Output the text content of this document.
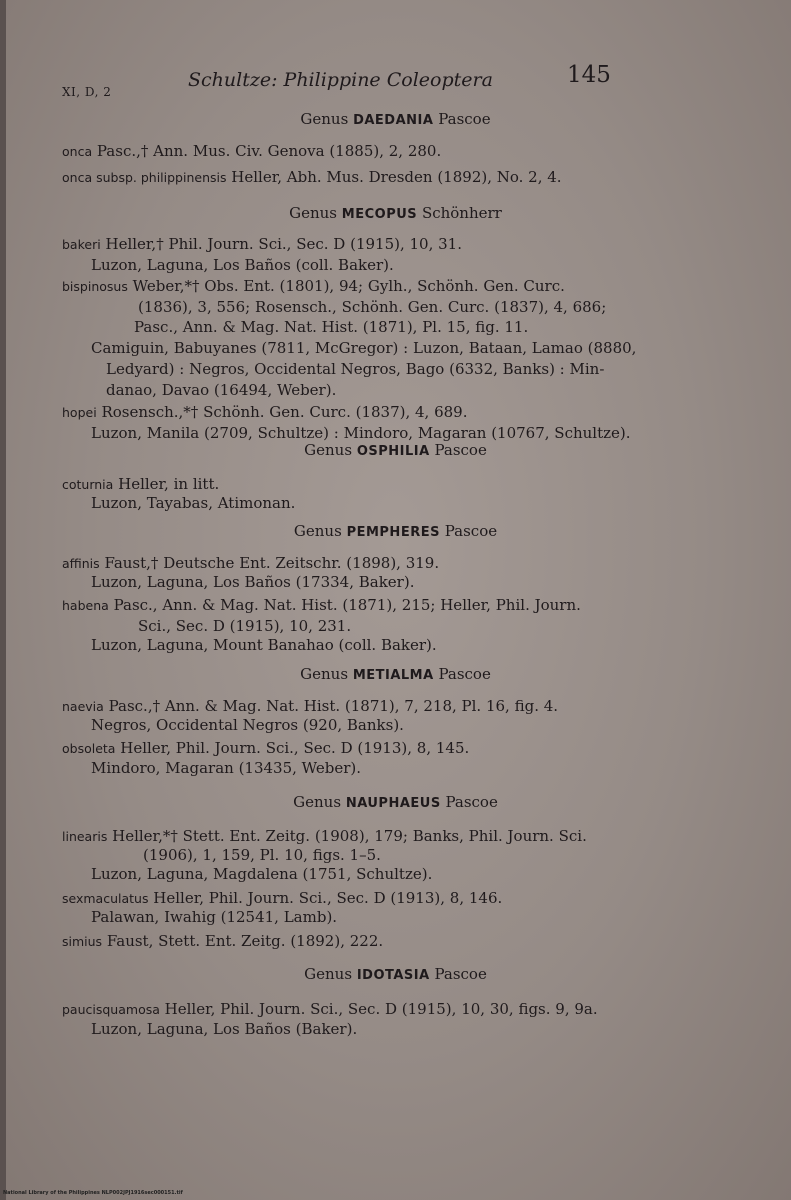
XI, D, 2
Schultze: Philippine Coleoptera	145
Genus DAEDANIA Pascoe
onca Pasc.,† Ann. Mus. Civ. Genova (1885), 2, 280.
onca subsp. philippinensis Heller, Abh. Mus. Dresden (1892), No. 2, 4.
Genus MECOPUS Schönherr
bakeri Heller,† Phil. Journ. Sci., Sec. D (1915), 10, 31.
Luzon, Laguna, Los Baños (coll. Baker).
bispinosus Weber,*† Obs. Ent. (1801), 94; Gylh., Schönh. Gen. Curc.
(1836), 3, 556; Rosensch., Schönh. Gen. Curc. (1837), 4, 686;
Pasc., Ann. & Mag. Nat. Hist. (1871), Pl. 15, fig. 11.
Camiguin, Babuyanes (7811, McGregor) : Luzon, Bataan, Lamao (8880,
Ledyard) : Negros, Occidental Negros, Bago (6332, Banks) : Min-
danao, Davao (16494, Weber).
hopei Rosensch.,*† Schönh. Gen. Curc. (1837), 4, 689.
Luzon, Manila (2709, Schultze) : Mindoro, Magaran (10767, Schultze).
Genus OSPHILIA Pascoe
coturnia Heller, in litt.
Luzon, Tayabas, Atimonan.
Genus PEMPHERES Pascoe
affinis Faust,† Deutsche Ent. Zeitschr. (1898), 319.
Luzon, Laguna, Los Baños (17334, Baker).
habena Pasc., Ann. & Mag. Nat. Hist. (1871), 215; Heller, Phil. Journ.
Sci., Sec. D (1915), 10, 231.
Luzon, Laguna, Mount Banahao (coll. Baker).
Genus METIALMA Pascoe
naevia Pasc.,† Ann. & Mag. Nat. Hist. (1871), 7, 218, Pl. 16, fig. 4.
Negros, Occidental Negros (920, Banks).
obsoleta Heller, Phil. Journ. Sci., Sec. D (1913), 8, 145.
Mindoro, Magaran (13435, Weber).
Genus NAUPHAEUS Pascoe
linearis Heller,*† Stett. Ent. Zeitg. (1908), 179; Banks, Phil. Journ. Sci.
(1906), 1, 159, Pl. 10, figs. 1–5.
Luzon, Laguna, Magdalena (1751, Schultze).
sexmaculatus Heller, Phil. Journ. Sci., Sec. D (1913), 8, 146.
Palawan, Iwahig (12541, Lamb).
simius Faust, Stett. Ent. Zeitg. (1892), 222.
Genus IDOTASIA Pascoe
paucisquamosa Heller, Phil. Journ. Sci., Sec. D (1915), 10, 30, figs. 9, 9a.
Luzon, Laguna, Los Baños (Baker).
National Library of the Philippines NLP002JPJ1916sec000151.tif
